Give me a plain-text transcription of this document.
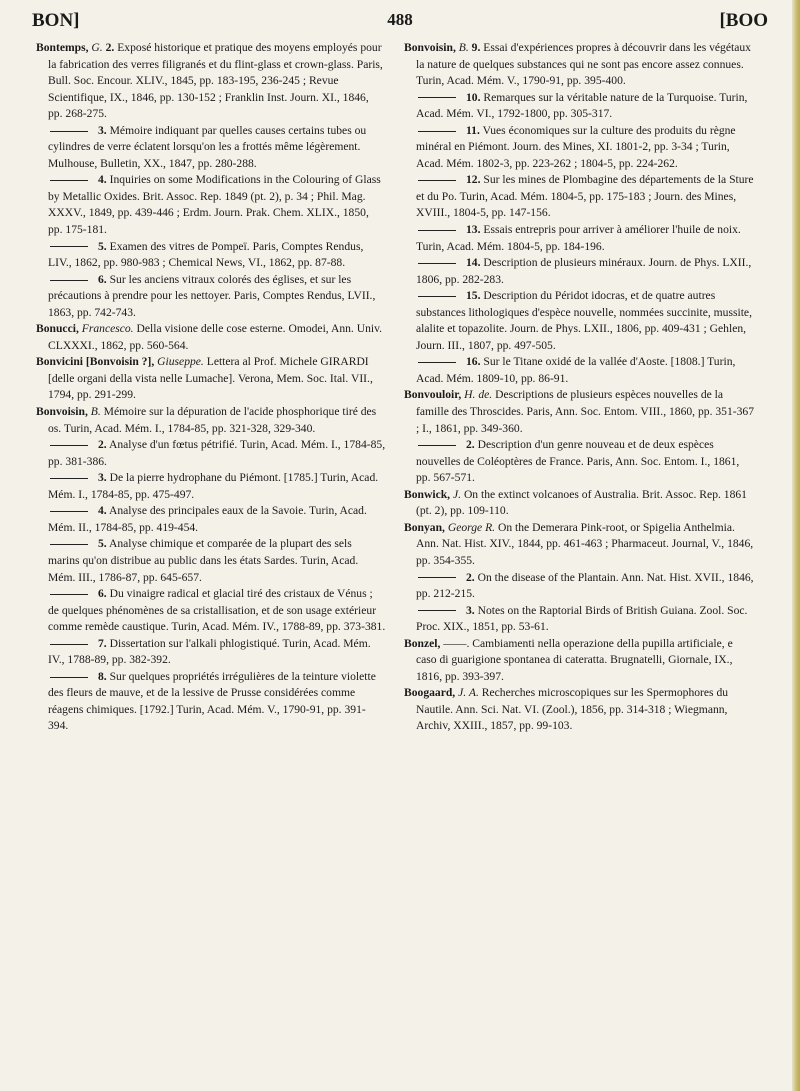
BON]	488	[BOO

Bontemps, G. 2. Exposé historique et pratique des moyens employés pour la fabrication des verres filigranés et du flint-glass et crown-glass. Paris, Bull. Soc. Encour. XLIV., 1845, pp. 183-195, 236-245 ; Revue Scientifique, IX., 1846, pp. 130-152 ; Franklin Inst. Journ. XI., 1846, pp. 268-275.

3. Mémoire indiquant par quelles causes certains tubes ou cylindres de verre éclatent lorsqu'on les a frottés même légèrement. Mulhouse, Bulletin, XX., 1847, pp. 280-288.

4. Inquiries on some Modifications in the Colouring of Glass by Metallic Oxides. Brit. Assoc. Rep. 1849 (pt. 2), p. 34 ; Phil. Mag. XXXV., 1849, pp. 439-446 ; Erdm. Journ. Prak. Chem. XLIX., 1850, pp. 175-181.

5. Examen des vitres de Pompeï. Paris, Comptes Rendus, LIV., 1862, pp. 980-983 ; Chemical News, VI., 1862, pp. 87-88.

6. Sur les anciens vitraux colorés des églises, et sur les précautions à prendre pour les nettoyer. Paris, Comptes Rendus, LVII., 1863, pp. 742-743.

Bonucci, Francesco. Della visione delle cose esterne. Omodei, Ann. Univ. CLXXXI., 1862, pp. 560-564.

Bonvicini [Bonvoisin ?], Giuseppe. Lettera al Prof. Michele GIRARDI [delle organi della vista nelle Lumache]. Verona, Mem. Soc. Ital. VII., 1794, pp. 291-299.

Bonvoisin, B. Mémoire sur la dépuration de l'acide phosphorique tiré des os. Turin, Acad. Mém. I., 1784-85, pp. 321-328, 329-340.

2. Analyse d'un fœtus pétrifié. Turin, Acad. Mém. I., 1784-85, pp. 381-386.

3. De la pierre hydrophane du Piémont. [1785.] Turin, Acad. Mém. I., 1784-85, pp. 475-497.

4. Analyse des principales eaux de la Savoie. Turin, Acad. Mém. II., 1784-85, pp. 419-454.

5. Analyse chimique et comparée de la plupart des sels marins qu'on distribue au public dans les états Sardes. Turin, Acad. Mém. III., 1786-87, pp. 645-657.

6. Du vinaigre radical et glacial tiré des cristaux de Vénus ; de quelques phénomènes de sa cristallisation, et de son usage extérieur comme remède caustique. Turin, Acad. Mém. IV., 1788-89, pp. 373-381.

7. Dissertation sur l'alkali phlogistiqué. Turin, Acad. Mém. IV., 1788-89, pp. 382-392.

8. Sur quelques propriétés irrégulières de la teinture violette des fleurs de mauve, et de la lessive de Prusse considérées comme réagens chimiques. [1792.] Turin, Acad. Mém. V., 1790-91, pp. 391-394.

Bonvoisin, B. 9. Essai d'expériences propres à découvrir dans les végétaux la nature de quelques substances qui ne sont pas encore assez connues. Turin, Acad. Mém. V., 1790-91, pp. 395-400.

10. Remarques sur la véritable nature de la Turquoise. Turin, Acad. Mém. VI., 1792-1800, pp. 305-317.

11. Vues économiques sur la culture des produits du règne minéral en Piémont. Journ. des Mines, XI. 1801-2, pp. 3-34 ; Turin, Acad. Mém. 1802-3, pp. 223-262 ; 1804-5, pp. 224-262.

12. Sur les mines de Plombagine des départements de la Sture et du Po. Turin, Acad. Mém. 1804-5, pp. 175-183 ; Journ. des Mines, XVIII., 1804-5, pp. 147-156.

13. Essais entrepris pour arriver à améliorer l'huile de noix. Turin, Acad. Mém. 1804-5, pp. 184-196.

14. Description de plusieurs minéraux. Journ. de Phys. LXII., 1806, pp. 282-283.

15. Description du Péridot idocras, et de quatre autres substances lithologiques d'espèce nouvelle, nommées succinite, mussite, alalite et topazolite. Journ. de Phys. LXII., 1806, pp. 409-431 ; Gehlen, Journ. III., 1807, pp. 497-505.

16. Sur le Titane oxidé de la vallée d'Aoste. [1808.] Turin, Acad. Mém. 1809-10, pp. 86-91.

Bonvouloir, H. de. Descriptions de plusieurs espèces nouvelles de la famille des Throscides. Paris, Ann. Soc. Entom. VIII., 1860, pp. 351-367 ; I., 1861, pp. 349-360.

2. Description d'un genre nouveau et de deux espèces nouvelles de Coléoptères de France. Paris, Ann. Soc. Entom. I., 1861, pp. 567-571.

Bonwick, J. On the extinct volcanoes of Australia. Brit. Assoc. Rep. 1861 (pt. 2), pp. 109-110.

Bonyan, George R. On the Demerara Pink-root, or Spigelia Anthelmia. Ann. Nat. Hist. XIV., 1844, pp. 461-463 ; Pharmaceut. Journal, V., 1846, pp. 354-355.

2. On the disease of the Plantain. Ann. Nat. Hist. XVII., 1846, pp. 212-215.

3. Notes on the Raptorial Birds of British Guiana. Zool. Soc. Proc. XIX., 1851, pp. 53-61.

Bonzel, ——. Cambiamenti nella operazione della pupilla artificiale, e caso di guarigione spontanea di cateratta. Brugnatelli, Giornale, IX., 1816, pp. 393-397.

Boogaard, J. A. Recherches microscopiques sur les Spermophores du Nautile. Ann. Sci. Nat. VI. (Zool.), 1856, pp. 314-318 ; Wiegmann, Archiv, XXIII., 1857, pp. 99-103.
